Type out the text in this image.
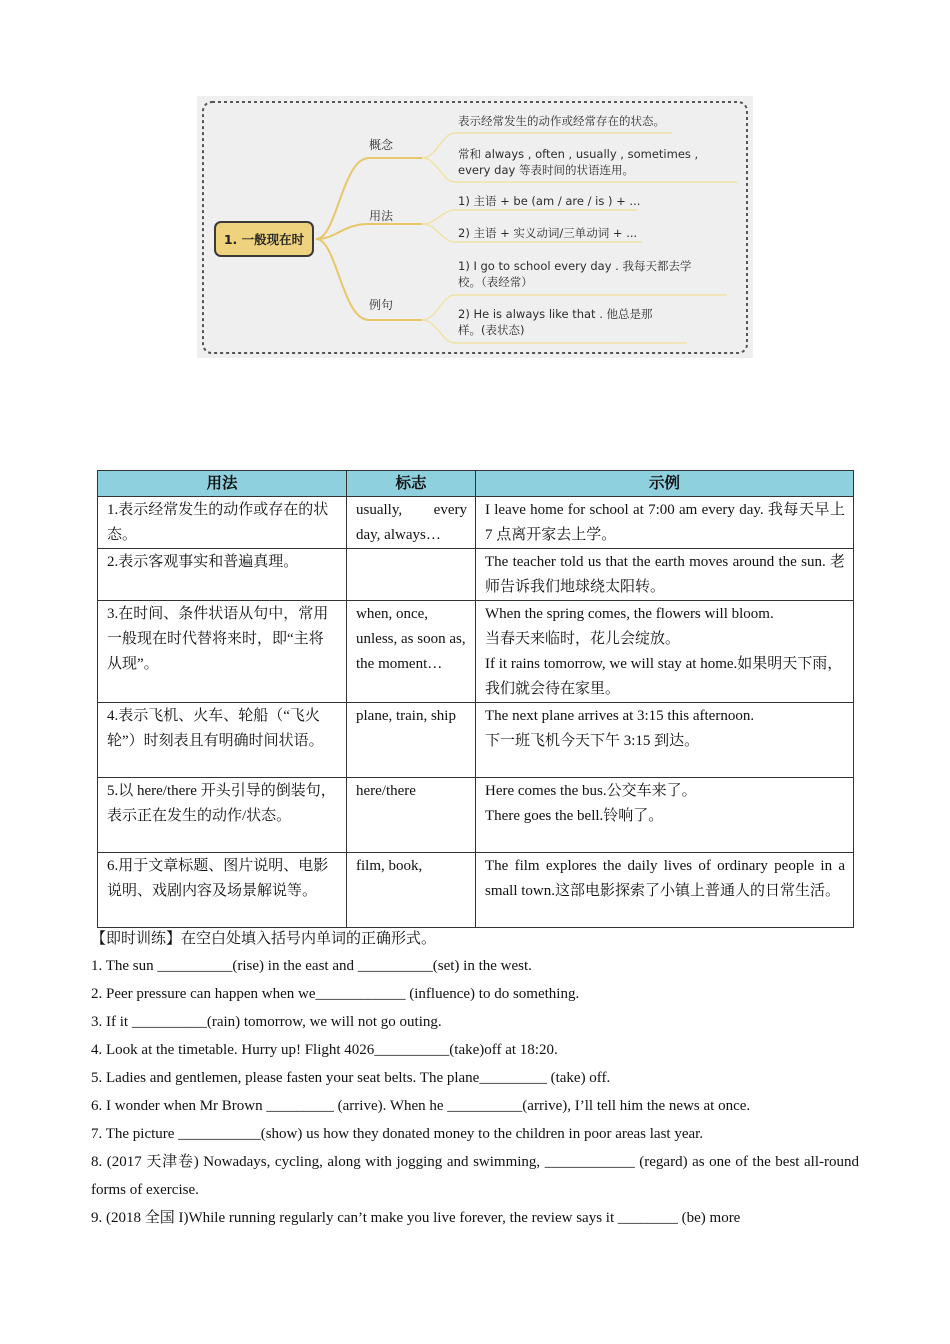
1. 一般现在时
概念
用法
例句
表示经常发生的动作或经常存在的状态。
常和 always , often , usually , sometimes , every day 等表时间的状语连用。
1) 主语 + be (am / are / is ) + ...
2) 主语 + 实义动词/三单动词 + ...
1) I go to school every day . 我每天都去学校。（表经常）
2) He is always like that . 他总是那样。(表状态)
用法	标志	示例
1.表示经常发生的动作或存在的状态。	usually, every day, always…	I leave home for school at 7:00 am every day. 我每天早上 7 点离开家去上学。

2.表示客观事实和普遍真理。		The teacher told us that the earth moves around the sun. 老师告诉我们地球绕太阳转。

3.在时间、条件状语从句中，常用一般现在时代替将来时，即“主将从现”。	when, once, unless, as soon as, the moment…	When the spring comes, the flowers will bloom.
当春天来临时，花儿会绽放。
If it rains tomorrow, we will stay at home.如果明天下雨，我们就会待在家里。

4.表示飞机、火车、轮船（“飞火轮”）时刻表且有明确时间状语。	plane, train, ship	The next plane arrives at 3:15 this afternoon.
下一班飞机今天下午 3:15 到达。

5.以 here/there 开头引导的倒装句，表示正在发生的动作/状态。	here/there	Here comes the bus.公交车来了。
There goes the bell.铃响了。

6.用于文章标题、图片说明、电影说明、戏剧内容及场景解说等。	film, book,	The film explores the daily lives of ordinary people in a small town.这部电影探索了小镇上普通人的日常生活。
【即时训练】在空白处填入括号内单词的正确形式。
1. The sun __________(rise) in the east and __________(set) in the west.
2. Peer pressure can happen when we____________ (influence) to do something.
3. If it __________(rain) tomorrow, we will not go outing.
4. Look at the timetable. Hurry up! Flight 4026__________(take)off at 18:20.
5. Ladies and gentlemen, please fasten your seat belts. The plane_________ (take) off.
6. I wonder when Mr Brown _________ (arrive). When he __________(arrive), I’ll tell him the news at once.
7. The picture ___________(show) us how they donated money to the children in poor areas last year.
8. (2017 天津卷) Nowadays, cycling, along with jogging and swimming, ____________ (regard) as one of the best all-round forms of exercise.
9. (2018 全国 I)While running regularly can’t make you live forever, the review says it ________ (be) more
